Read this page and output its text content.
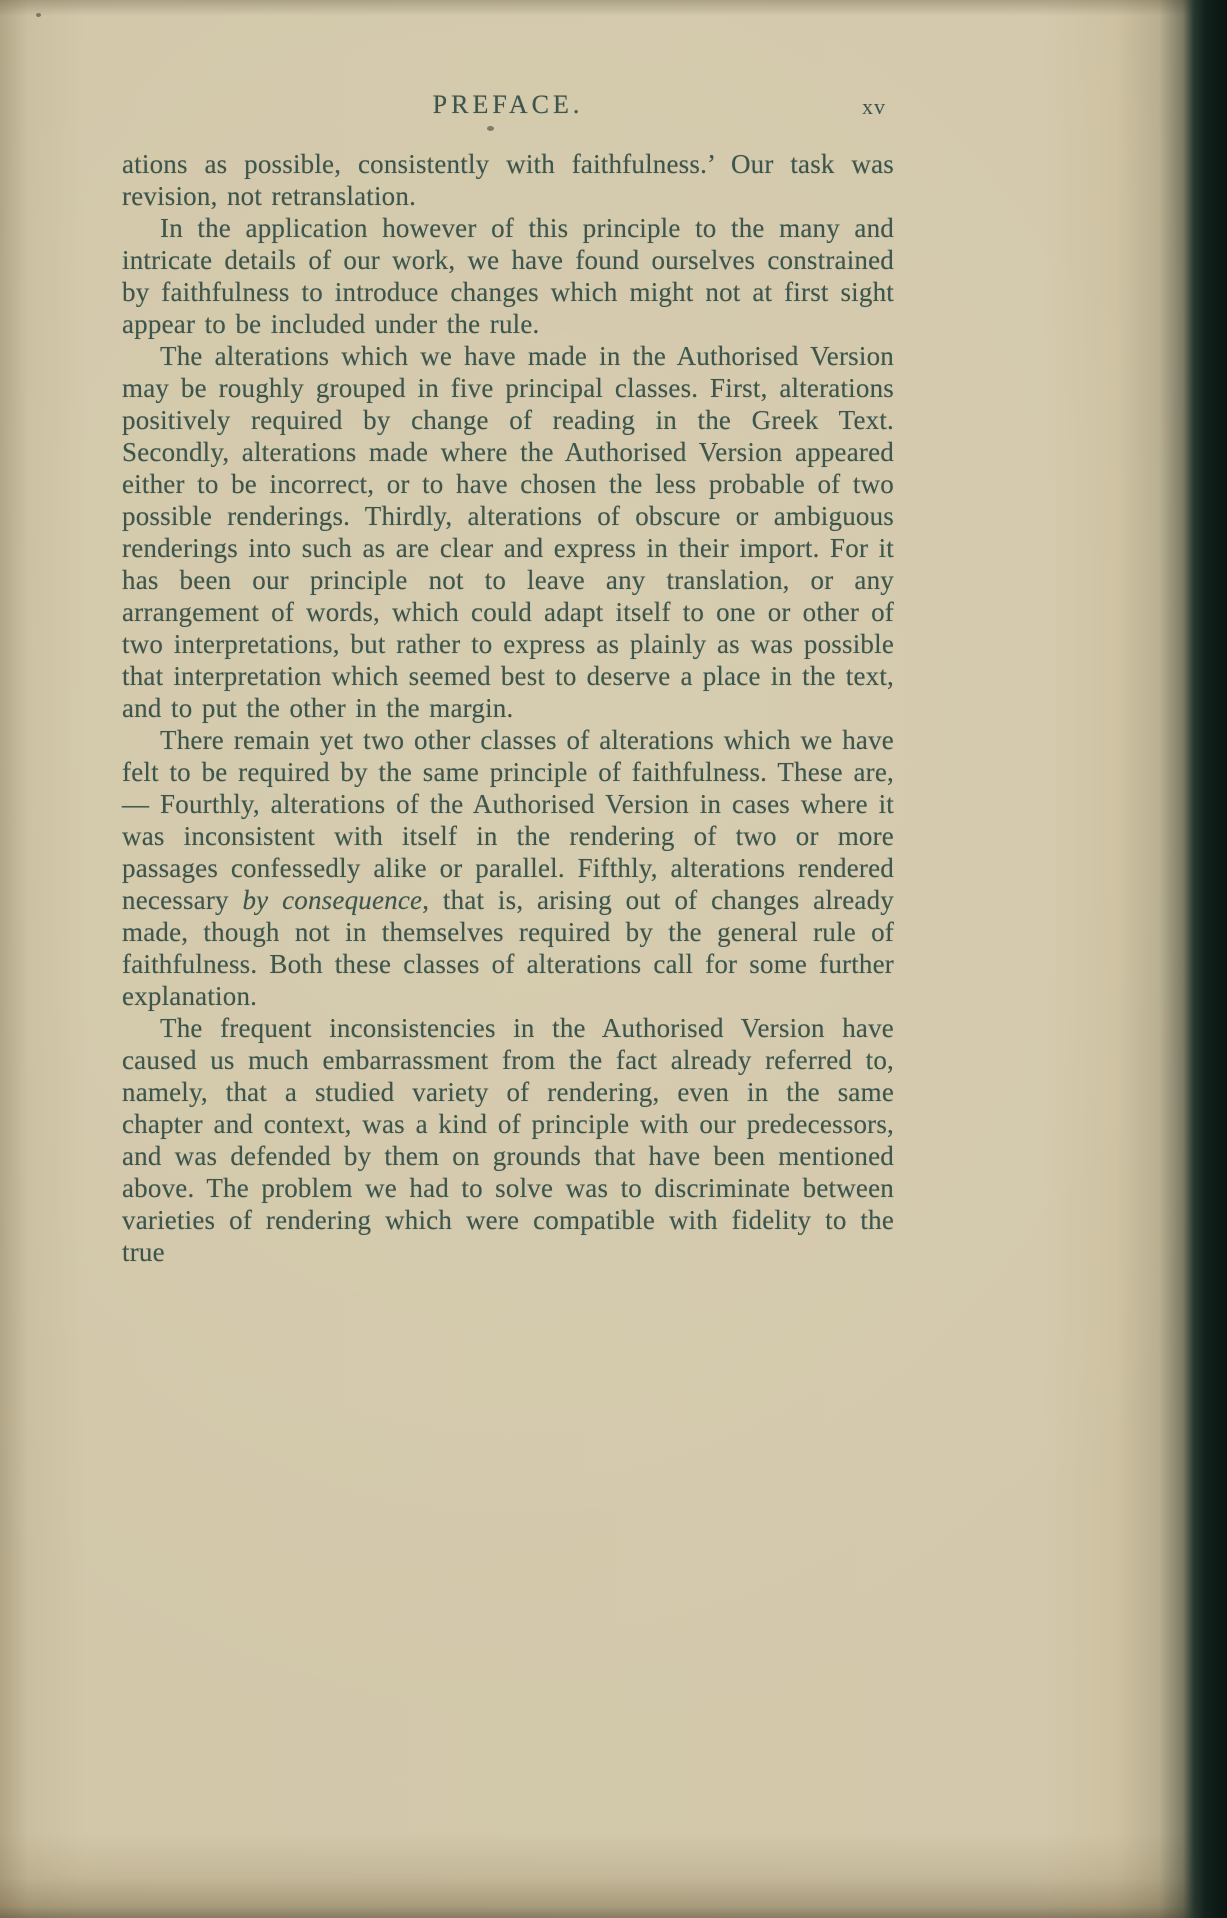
PREFACE.	xv

ations as possible, consistently with faithfulness.’ Our task was revision, not retranslation.

In the application however of this principle to the many and intricate details of our work, we have found ourselves constrained by faithfulness to introduce changes which might not at first sight appear to be included under the rule.

The alterations which we have made in the Authorised Version may be roughly grouped in five principal classes. First, alterations positively required by change of reading in the Greek Text. Secondly, alterations made where the Authorised Version appeared either to be incorrect, or to have chosen the less probable of two possible renderings. Thirdly, alterations of obscure or ambiguous renderings into such as are clear and express in their import. For it has been our principle not to leave any translation, or any arrangement of words, which could adapt itself to one or other of two interpretations, but rather to express as plainly as was possible that interpretation which seemed best to deserve a place in the text, and to put the other in the margin.

There remain yet two other classes of alterations which we have felt to be required by the same principle of faithfulness. These are, — Fourthly, alterations of the Authorised Version in cases where it was inconsistent with itself in the rendering of two or more passages confessedly alike or parallel. Fifthly, alterations rendered necessary by consequence, that is, arising out of changes already made, though not in themselves required by the general rule of faithfulness. Both these classes of alterations call for some further explanation.

The frequent inconsistencies in the Authorised Version have caused us much embarrassment from the fact already referred to, namely, that a studied variety of rendering, even in the same chapter and context, was a kind of principle with our predecessors, and was defended by them on grounds that have been mentioned above. The problem we had to solve was to discriminate between varieties of rendering which were compatible with fidelity to the true
